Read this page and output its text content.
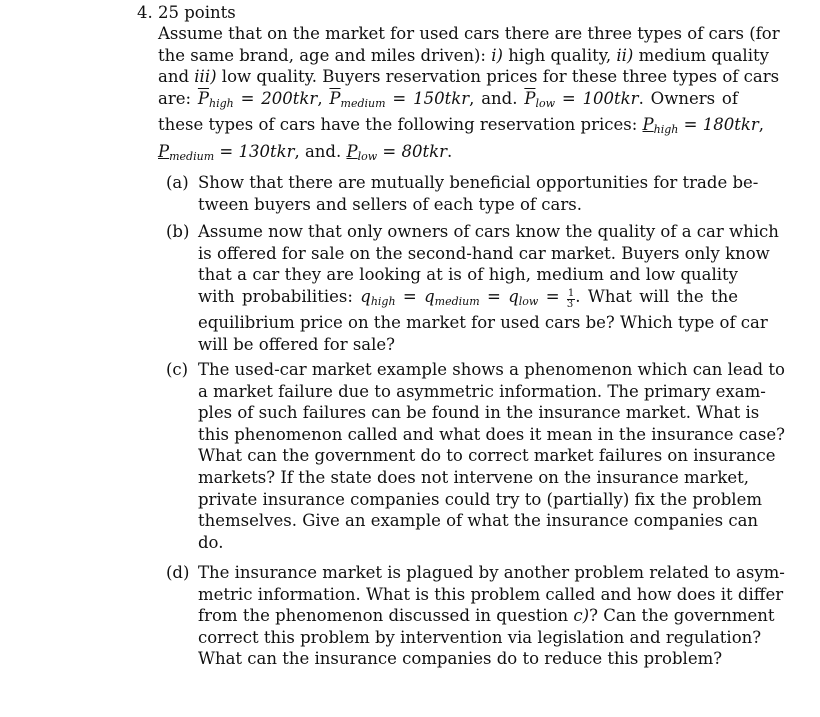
4. 25 points
Assume that on the market for used cars there are three types of cars (for
the same brand, age and miles driven): i) high quality, ii) medium quality
and iii) low quality. Buyers reservation prices for these three types of cars
are: $\overline{P}_{high} = 200tkr$, $\overline{P}_{medium} = 150tkr$, and. $\overline{P}_{low} = 100tkr$. Owners of
these types of cars have the following reservation prices: $P_{high} = 180tkr$,
$P_{medium} = 130tkr$, and. $P_{low} = 80tkr$.
(a) Show that there are mutually beneficial opportunities for trade be-
tween buyers and sellers of each type of cars.
(b) Assume now that only owners of cars know the quality of a car which
is offered for sale on the second-hand car market. Buyers only know
that a car they are looking at is of high, medium and low quality
with probabilities: $q_{high} = q_{medium} = q_{low} = \frac{1}{3}$ . What will the the
equilibrium price on the market for used cars be? Which type of car
will be offered for sale?
(c) The used-car market example shows a phenomenon which can lead to
a market failure due to asymmetric information. The primary exam-
ples of such failures can be found in the insurance market. What is
this phenomenon called and what does it mean in the insurance case?
What can the government do to correct market failures on insurance
markets? If the state does not intervene on the insurance market,
private insurance companies could try to (partially) fix the problem
themselves. Give an example of what the insurance companies can
do.
(d) The insurance market is plagued by another problem related to asym-
metric information. What is this problem called and how does it differ
from the phenomenon discussed in question c)? Can the government
correct this problem by intervention via legislation and regulation?
What can the insurance companies do to reduce this problem?
